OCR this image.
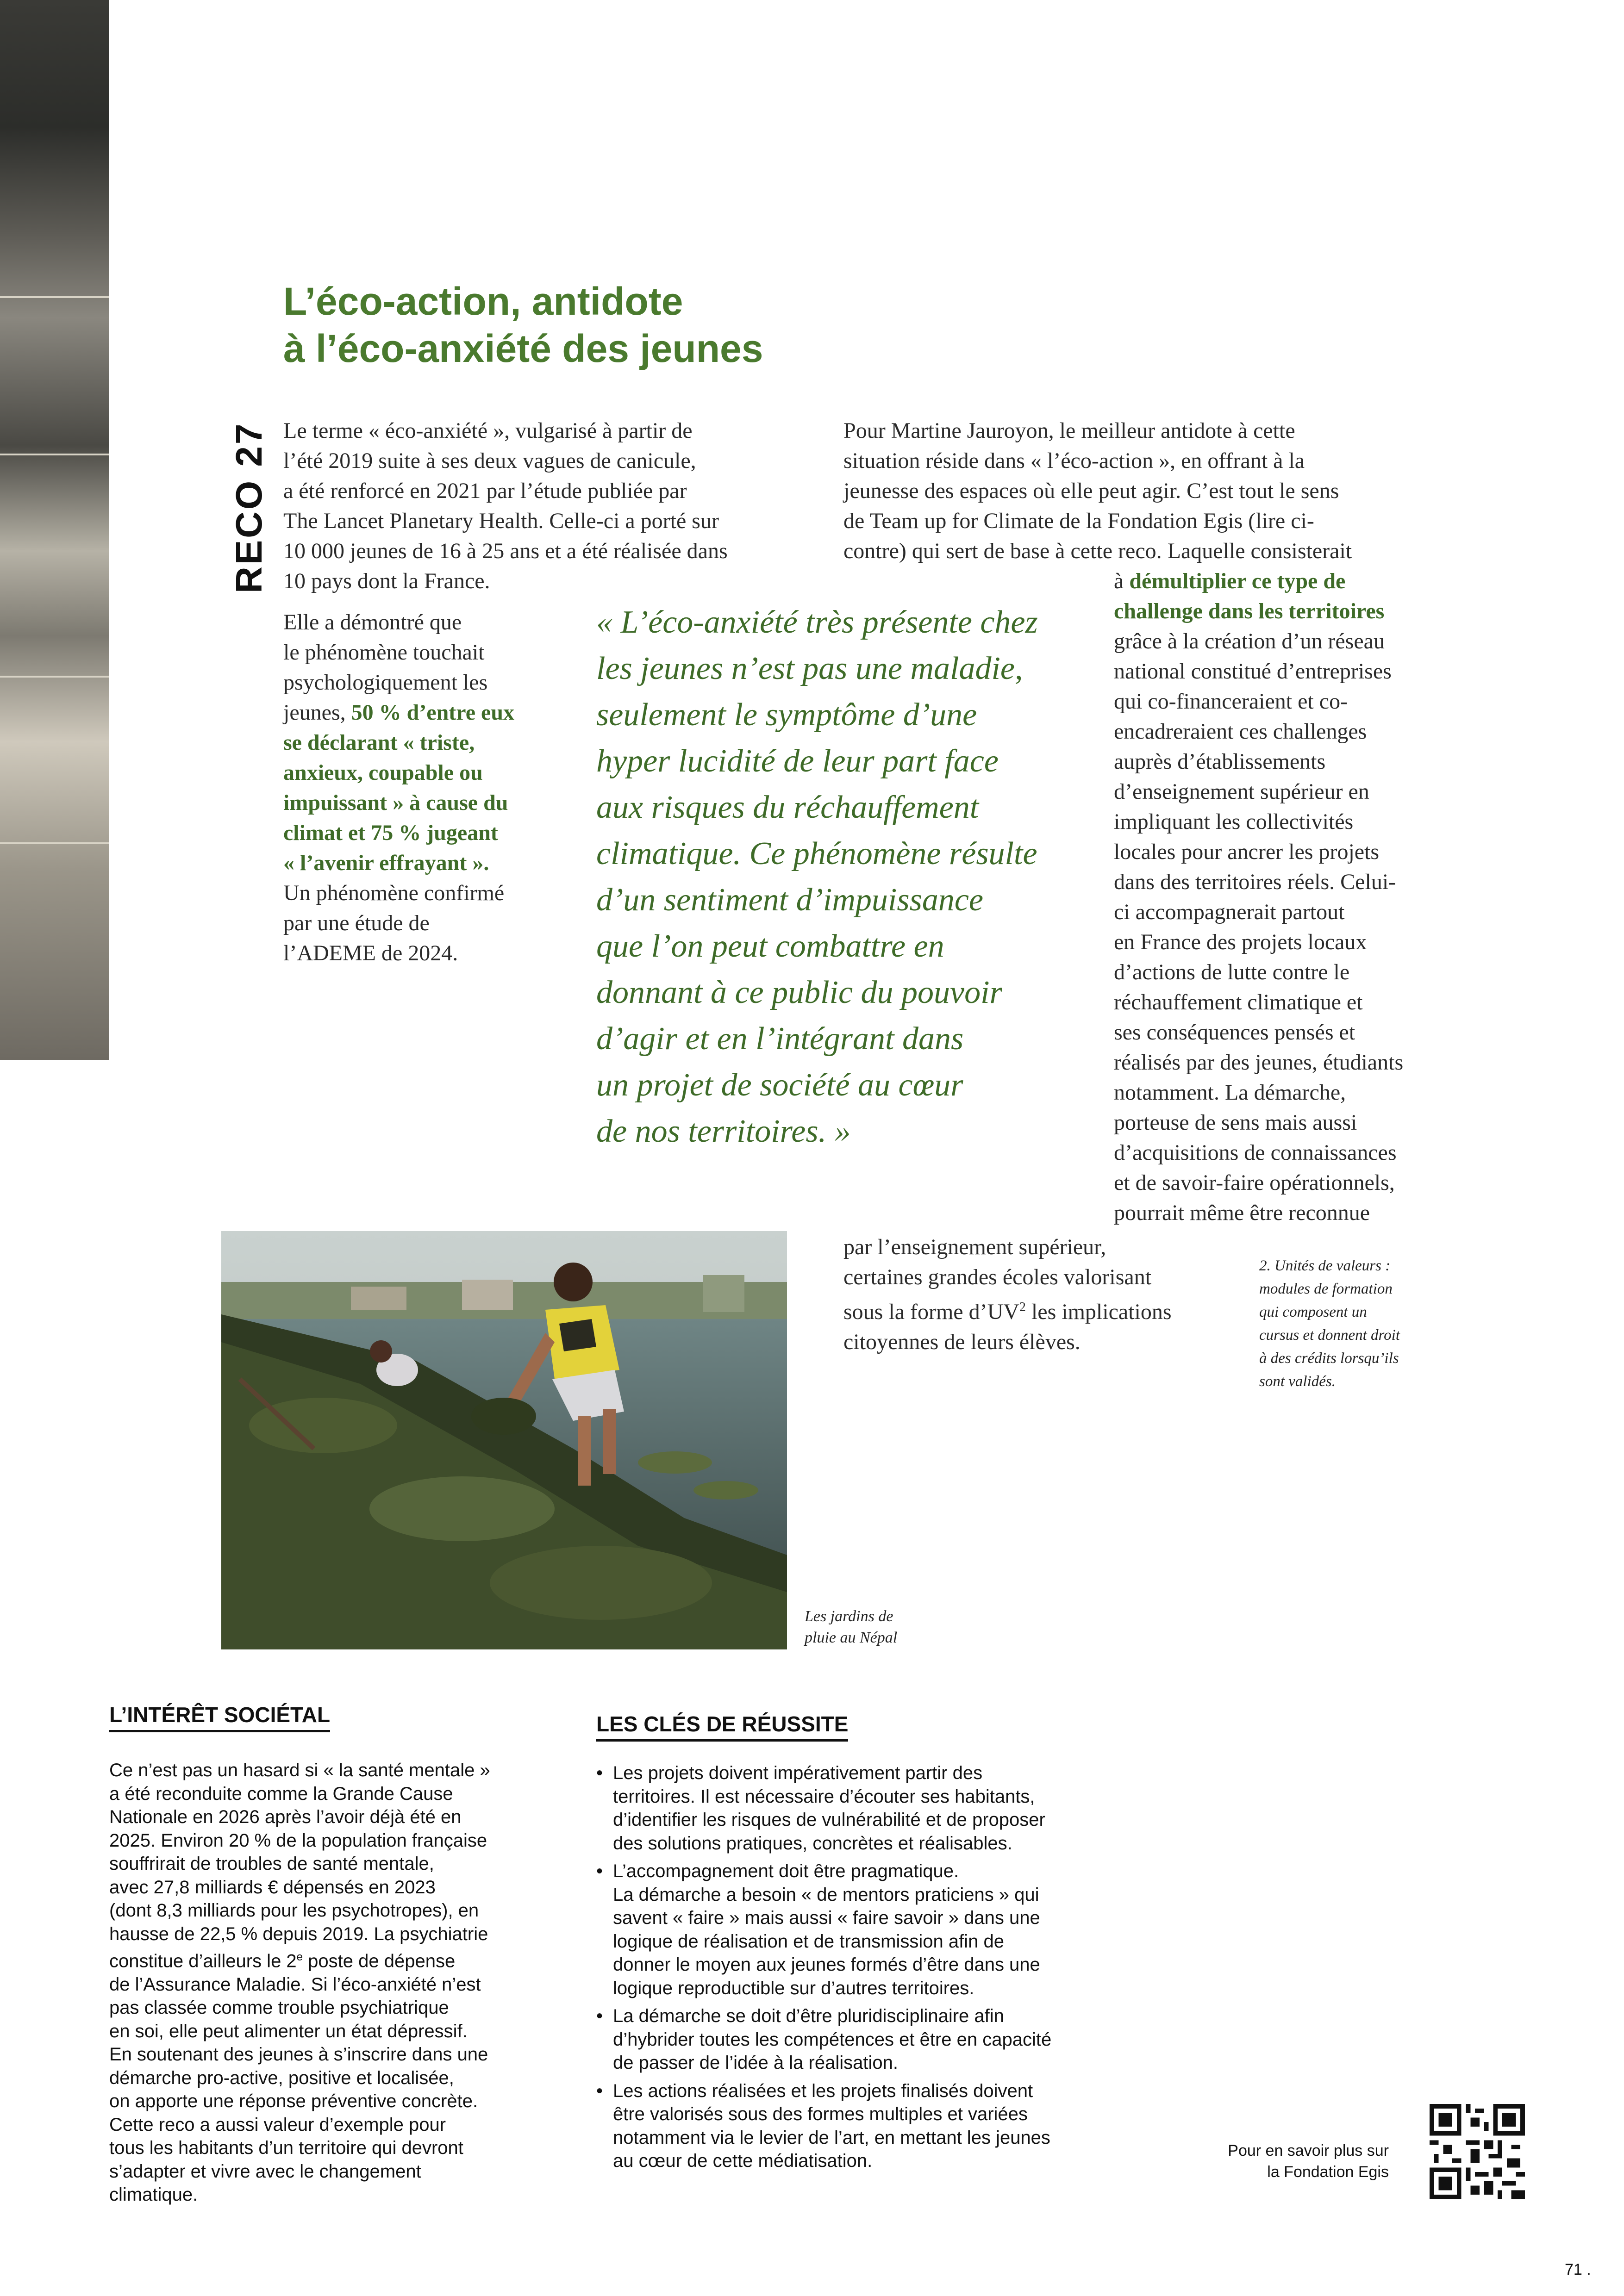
L’éco-action, antidote
à l’éco-anxiété des jeunes
RECO 27 Le terme « éco-anxiété », vulgarisé à partir de
l’été 2019 suite à ses deux vagues de canicule,
a été renforcé en 2021 par l’étude publiée par
The Lancet Planetary Health. Celle-ci a porté sur
10 000 jeunes de 16 à 25 ans et a été réalisée dans
10 pays dont la France.
Elle a démontré que
le phénomène touchait
psychologiquement les
jeunes, 50 % d’entre eux
se déclarant « triste,
anxieux, coupable ou
impuissant » à cause du
climat et 75 % jugeant
« l’avenir effrayant ».
Un phénomène confirmé
par une étude de
l’ADEME de 2024.
« L’éco-anxiété très présente chez
les jeunes n’est pas une maladie,
seulement le symptôme d’une
hyper lucidité de leur part face
aux risques du réchauffement
climatique. Ce phénomène résulte
d’un sentiment d’impuissance
que l’on peut combattre en
donnant à ce public du pouvoir
d’agir et en l’intégrant dans
un projet de société au cœur
de nos territoires. »
Pour Martine Jauroyon, le meilleur antidote à cette
situation réside dans « l’éco-action », en offrant à la
jeunesse des espaces où elle peut agir. C’est tout le sens
de Team up for Climate de la Fondation Egis (lire ci-
contre) qui sert de base à cette reco. Laquelle consisterait
à démultiplier ce type de
challenge dans les territoires
grâce à la création d’un réseau
national constitué d’entreprises
qui co-financeraient et co-
encadreraient ces challenges
auprès d’établissements
d’enseignement supérieur en
impliquant les collectivités
locales pour ancrer les projets
dans des territoires réels. Celui-
ci accompagnerait partout
en France des projets locaux
d’actions de lutte contre le
réchauffement climatique et
ses conséquences pensés et
réalisés par des jeunes, étudiants
notamment. La démarche,
porteuse de sens mais aussi
d’acquisitions de connaissances
et de savoir-faire opérationnels,
pourrait même être reconnue
par l’enseignement supérieur,
certaines grandes écoles valorisant
sous la forme $d’UV^2$ les implications
citoyennes de leurs élèves.
2. Unités de valeurs :
modules de formation
qui composent un
cursus et donnent droit
à des crédits lorsqu’ils
sont validés.
Les jardins de
pluie au Népal
L’INTÉRÊT SOCIÉTAL
Ce n’est pas un hasard si « la santé mentale »
a été reconduite comme la Grande Cause
Nationale en 2026 après l’avoir déjà été en
2025. Environ 20 % de la population française
souffrirait de troubles de santé mentale,
avec 27,8 milliards € dépensés en 2023
(dont 8,3 milliards pour les psychotropes), en
hausse de 22,5 % depuis 2019. La psychiatrie
constitue d’ailleurs le 2e poste de dépense
de l’Assurance Maladie. Si l’éco-anxiété n’est
pas classée comme trouble psychiatrique
en soi, elle peut alimenter un état dépressif.
En soutenant des jeunes à s’inscrire dans une
démarche pro-active, positive et localisée,
on apporte une réponse préventive concrète.
Cette reco a aussi valeur d’exemple pour
tous les habitants d’un territoire qui devront
s’adapter et vivre avec le changement
climatique.
LES CLÉS DE RÉUSSITE
• Les projets doivent impérativement partir des
territoires. Il est nécessaire d’écouter ses habitants,
d’identifier les risques de vulnérabilité et de proposer
des solutions pratiques, concrètes et réalisables.
• L’accompagnement doit être pragmatique.
La démarche a besoin « de mentors praticiens » qui
savent « faire » mais aussi « faire savoir » dans une
logique de réalisation et de transmission afin de
donner le moyen aux jeunes formés d’être dans une
logique reproductible sur d’autres territoires.
• La démarche se doit d’être pluridisciplinaire afin
d’hybrider toutes les compétences et être en capacité
de passer de l’idée à la réalisation.
• Les actions réalisées et les projets finalisés doivent
être valorisés sous des formes multiples et variées
notamment via le levier de l’art, en mettant les jeunes
au cœur de cette médiatisation.	Pour en savoir plus sur
la Fondation Egis
71 .
